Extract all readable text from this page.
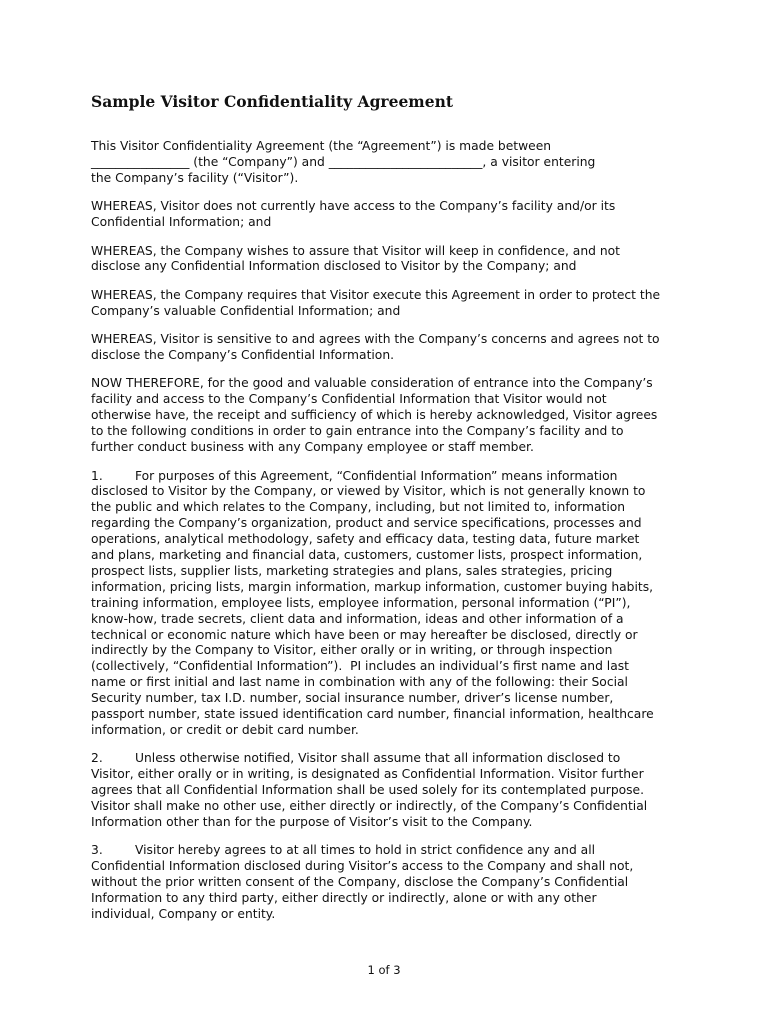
Sample Visitor Confidentiality Agreement

This Visitor Confidentiality Agreement (the “Agreement”) is made between
________________ (the “Company”) and _________________________, a visitor entering
the Company’s facility (“Visitor”).

WHEREAS, Visitor does not currently have access to the Company’s facility and/or its
Confidential Information; and

WHEREAS, the Company wishes to assure that Visitor will keep in confidence, and not
disclose any Confidential Information disclosed to Visitor by the Company; and

WHEREAS, the Company requires that Visitor execute this Agreement in order to protect the
Company’s valuable Confidential Information; and

WHEREAS, Visitor is sensitive to and agrees with the Company’s concerns and agrees not to
disclose the Company’s Confidential Information.

NOW THEREFORE, for the good and valuable consideration of entrance into the Company’s
facility and access to the Company’s Confidential Information that Visitor would not
otherwise have, the receipt and sufficiency of which is hereby acknowledged, Visitor agrees
to the following conditions in order to gain entrance into the Company’s facility and to
further conduct business with any Company employee or staff member.

1.	For purposes of this Agreement, “Confidential Information” means information
disclosed to Visitor by the Company, or viewed by Visitor, which is not generally known to
the public and which relates to the Company, including, but not limited to, information
regarding the Company’s organization, product and service specifications, processes and
operations, analytical methodology, safety and efficacy data, testing data, future market
and plans, marketing and financial data, customers, customer lists, prospect information,
prospect lists, supplier lists, marketing strategies and plans, sales strategies, pricing
information, pricing lists, margin information, markup information, customer buying habits,
training information, employee lists, employee information, personal information (“PI”),
know-how, trade secrets, client data and information, ideas and other information of a
technical or economic nature which have been or may hereafter be disclosed, directly or
indirectly by the Company to Visitor, either orally or in writing, or through inspection
(collectively, “Confidential Information”).  PI includes an individual’s first name and last
name or first initial and last name in combination with any of the following: their Social
Security number, tax I.D. number, social insurance number, driver’s license number,
passport number, state issued identification card number, financial information, healthcare
information, or credit or debit card number.

2.	Unless otherwise notified, Visitor shall assume that all information disclosed to
Visitor, either orally or in writing, is designated as Confidential Information. Visitor further
agrees that all Confidential Information shall be used solely for its contemplated purpose.
Visitor shall make no other use, either directly or indirectly, of the Company’s Confidential
Information other than for the purpose of Visitor’s visit to the Company.

3.	Visitor hereby agrees to at all times to hold in strict confidence any and all
Confidential Information disclosed during Visitor’s access to the Company and shall not,
without the prior written consent of the Company, disclose the Company’s Confidential
Information to any third party, either directly or indirectly, alone or with any other
individual, Company or entity.

1 of 3
